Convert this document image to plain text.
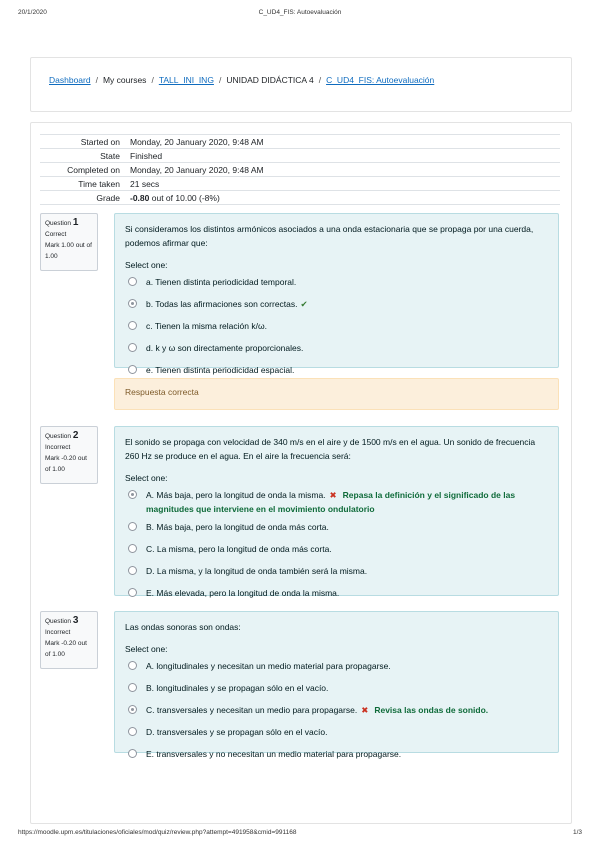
20/1/2020	C_UD4_FIS: Autoevaluación
Dashboard / My courses / TALL_INI_ING / UNIDAD DIDÁCTICA 4 / C_UD4_FIS: Autoevaluación
Started on	Monday, 20 January 2020, 9:48 AM
State	Finished
Completed on	Monday, 20 January 2020, 9:48 AM
Time taken	21 secs
Grade	-0.80 out of 10.00 (-8%)
Question 1
Correct
Mark 1.00 out of 1.00
Si consideramos los distintos armónicos asociados a una onda estacionaria que se propaga por una cuerda, podemos afirmar que:
Select one:
a. Tienen distinta periodicidad temporal.
b. Todas las afirmaciones son correctas. ✔
c. Tienen la misma relación k/ω.
d. k y ω son directamente proporcionales.
e. Tienen distinta periodicidad espacial.
Respuesta correcta
Question 2
Incorrect
Mark -0.20 out of 1.00
El sonido se propaga con velocidad de 340 m/s en el aire y de 1500 m/s en el agua. Un sonido de frecuencia 260 Hz se produce en el agua. En el aire la frecuencia será:
Select one:
A. Más baja, pero la longitud de onda la misma. ✖ Repasa la definición y el significado de las magnitudes que interviene en el movimiento ondulatorio
B. Más baja, pero la longitud de onda más corta.
C. La misma, pero la longitud de onda más corta.
D. La misma, y la longitud de onda también será la misma.
E. Más elevada, pero la longitud de onda la misma.
Question 3
Incorrect
Mark -0.20 out of 1.00
Las ondas sonoras son ondas:
Select one:
A. longitudinales y necesitan un medio material para propagarse.
B. longitudinales y se propagan sólo en el vacío.
C. transversales y necesitan un medio para propagarse. ✖ Revisa las ondas de sonido.
D. transversales y se propagan sólo en el vacío.
E. transversales y no necesitan un medio material para propagarse.
https://moodle.upm.es/titulaciones/oficiales/mod/quiz/review.php?attempt=491958&cmid=991168	1/3
